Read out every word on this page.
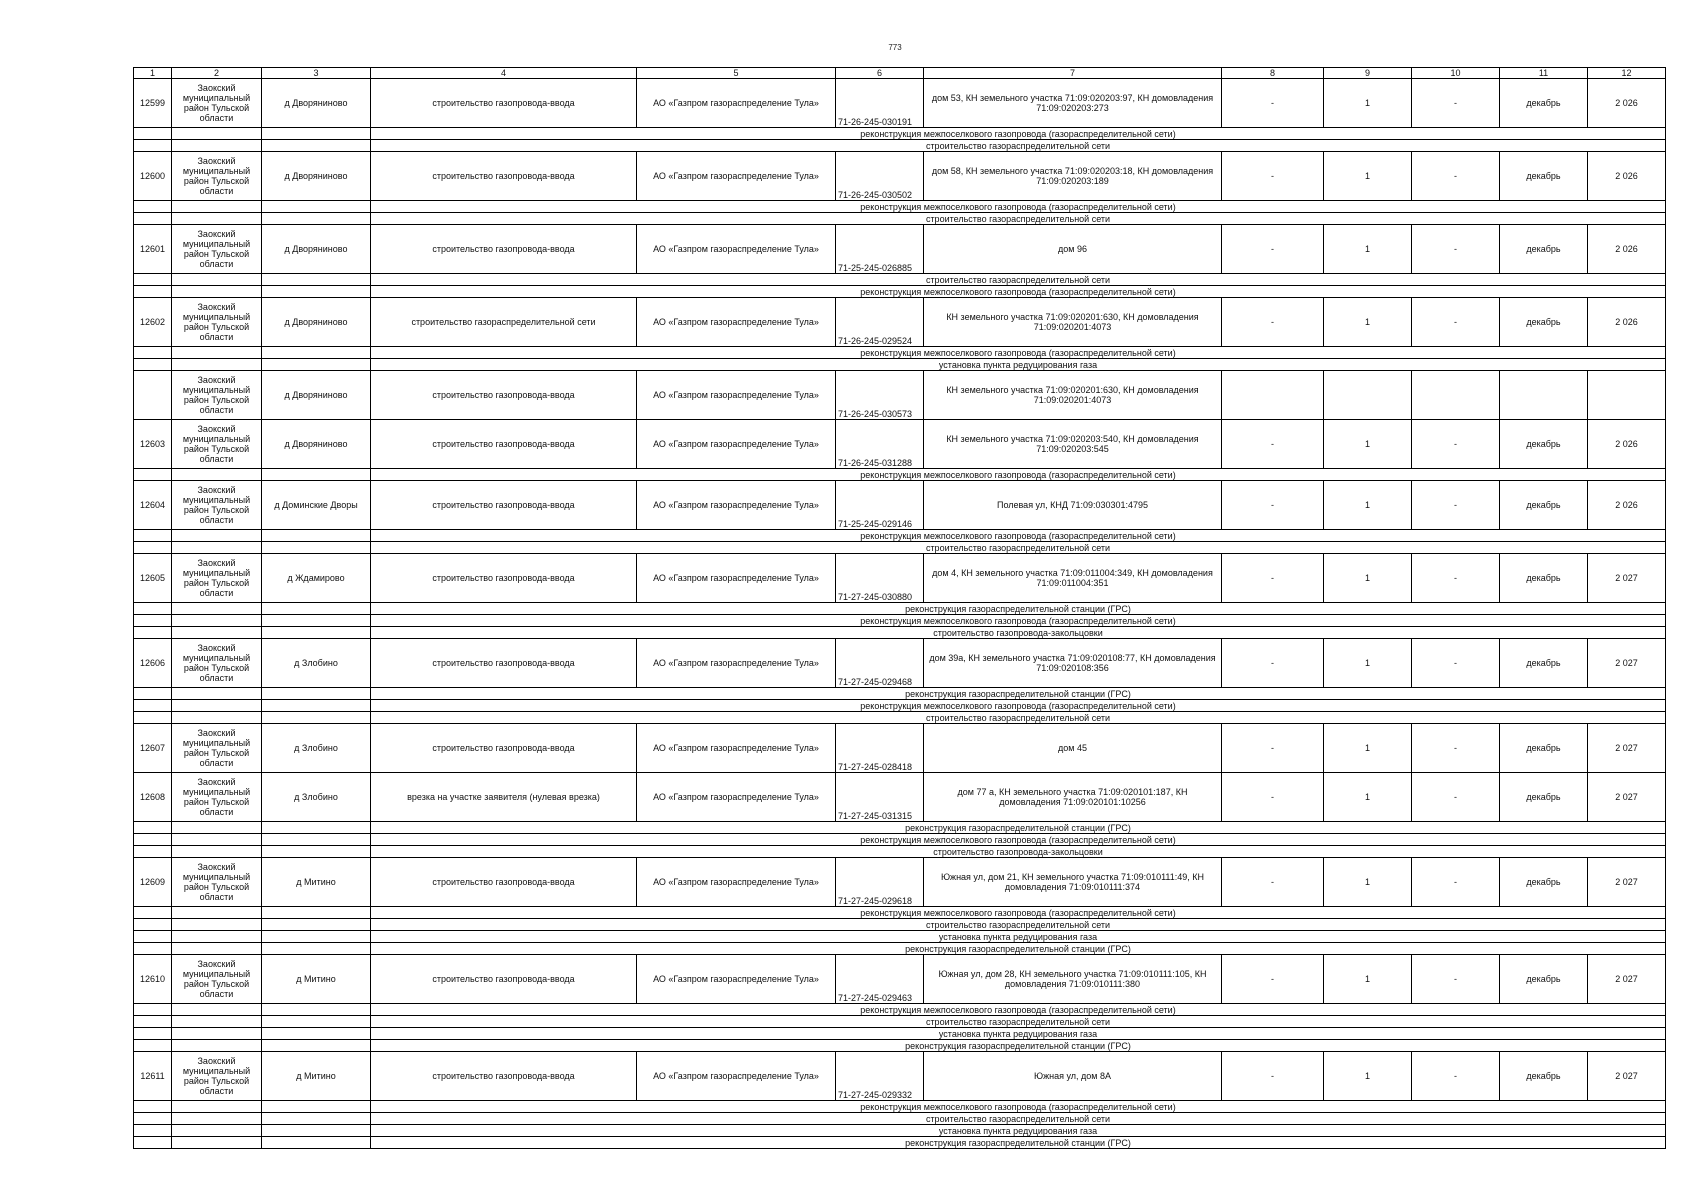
773
1	2	3	4	5	6	7	8	9	10	11	12
12599	Заокский муниципальный район Тульской области	д Дворяниново	строительство газопровода-ввода	АО «Газпром газораспределение Тула»	71-26-245-030191	дом 53, КН земельного участка 71:09:020203:97, КН домовладения 71:09:020203:273	-	1	-	декабрь	2 026
			реконструкция межпоселкового газопровода (газораспределительной сети)								
			строительство газораспределительной сети								
12600	Заокский муниципальный район Тульской области	д Дворяниново	строительство газопровода-ввода	АО «Газпром газораспределение Тула»	71-26-245-030502	дом 58, КН земельного участка 71:09:020203:18, КН домовладения 71:09:020203:189	-	1	-	декабрь	2 026
			реконструкция межпоселкового газопровода (газораспределительной сети)								
			строительство газораспределительной сети								
12601	Заокский муниципальный район Тульской области	д Дворяниново	строительство газопровода-ввода	АО «Газпром газораспределение Тула»	71-25-245-026885	дом 96	-	1	-	декабрь	2 026
			строительство газораспределительной сети								
			реконструкция межпоселкового газопровода (газораспределительной сети)								
12602	Заокский муниципальный район Тульской области	д Дворяниново	строительство газораспределительной сети	АО «Газпром газораспределение Тула»	71-26-245-029524	КН земельного участка 71:09:020201:630, КН домовладения 71:09:020201:4073	-	1	-	декабрь	2 026
			реконструкция межпоселкового газопровода (газораспределительной сети)								
			установка пункта редуцирования газа								
	Заокский муниципальный район Тульской области	д Дворяниново	строительство газопровода-ввода	АО «Газпром газораспределение Тула»	71-26-245-030573	КН земельного участка 71:09:020201:630, КН домовладения 71:09:020201:4073					
12603	Заокский муниципальный район Тульской области	д Дворяниново	строительство газопровода-ввода	АО «Газпром газораспределение Тула»	71-26-245-031288	КН земельного участка 71:09:020203:540, КН домовладения 71:09:020203:545	-	1	-	декабрь	2 026
			реконструкция межпоселкового газопровода (газораспределительной сети)								
12604	Заокский муниципальный район Тульской области	д Доминские Дворы	строительство газопровода-ввода	АО «Газпром газораспределение Тула»	71-25-245-029146	Полевая ул, КНД 71:09:030301:4795	-	1	-	декабрь	2 026
			реконструкция межпоселкового газопровода (газораспределительной сети)								
			строительство газораспределительной сети								
12605	Заокский муниципальный район Тульской области	д Ждамирово	строительство газопровода-ввода	АО «Газпром газораспределение Тула»	71-27-245-030880	дом 4, КН земельного участка 71:09:011004:349, КН домовладения 71:09:011004:351	-	1	-	декабрь	2 027
			реконструкция газораспределительной станции (ГРС)								
			реконструкция межпоселкового газопровода (газораспределительной сети)								
			строительство газопровода-закольцовки								
12606	Заокский муниципальный район Тульской области	д Злобино	строительство газопровода-ввода	АО «Газпром газораспределение Тула»	71-27-245-029468	дом 39а, КН земельного участка 71:09:020108:77, КН домовладения 71:09:020108:356	-	1	-	декабрь	2 027
			реконструкция газораспределительной станции (ГРС)								
			реконструкция межпоселкового газопровода (газораспределительной сети)								
			строительство газораспределительной сети								
12607	Заокский муниципальный район Тульской области	д Злобино	строительство газопровода-ввода	АО «Газпром газораспределение Тула»	71-27-245-028418	дом 45	-	1	-	декабрь	2 027
12608	Заокский муниципальный район Тульской области	д Злобино	врезка на участке заявителя (нулевая врезка)	АО «Газпром газораспределение Тула»	71-27-245-031315	дом 77 а, КН земельного участка 71:09:020101:187, КН домовладения 71:09:020101:10256	-	1	-	декабрь	2 027
			реконструкция газораспределительной станции (ГРС)								
			реконструкция межпоселкового газопровода (газораспределительной сети)								
			строительство газопровода-закольцовки								
12609	Заокский муниципальный район Тульской области	д Митино	строительство газопровода-ввода	АО «Газпром газораспределение Тула»	71-27-245-029618	Южная ул, дом 21, КН земельного участка 71:09:010111:49, КН домовладения 71:09:010111:374	-	1	-	декабрь	2 027
			реконструкция межпоселкового газопровода (газораспределительной сети)								
			строительство газораспределительной сети								
			установка пункта редуцирования газа								
			реконструкция газораспределительной станции (ГРС)								
12610	Заокский муниципальный район Тульской области	д Митино	строительство газопровода-ввода	АО «Газпром газораспределение Тула»	71-27-245-029463	Южная ул, дом 28, КН земельного участка 71:09:010111:105, КН домовладения 71:09:010111:380	-	1	-	декабрь	2 027
			реконструкция межпоселкового газопровода (газораспределительной сети)								
			строительство газораспределительной сети								
			установка пункта редуцирования газа								
			реконструкция газораспределительной станции (ГРС)								
12611	Заокский муниципальный район Тульской области	д Митино	строительство газопровода-ввода	АО «Газпром газораспределение Тула»	71-27-245-029332	Южная ул, дом 8А	-	1	-	декабрь	2 027
			реконструкция межпоселкового газопровода (газораспределительной сети)								
			строительство газораспределительной сети								
			установка пункта редуцирования газа								
			реконструкция газораспределительной станции (ГРС)								
